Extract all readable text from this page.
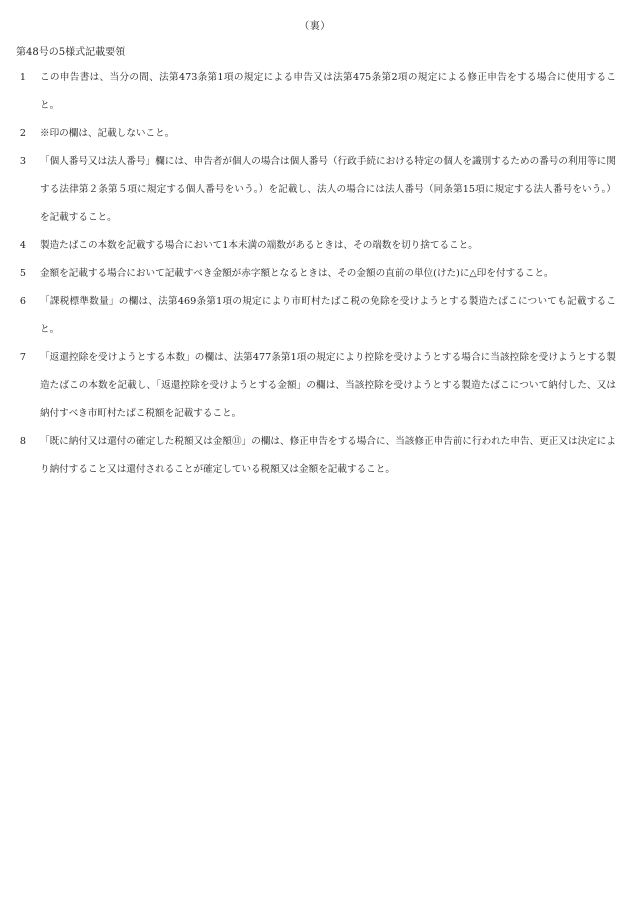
（裏）
第48号の5様式記載要領
1	この申告書は、当分の間、法第473条第1項の規定による申告又は法第475条第2項の規定による修正申告をする場合に使用すること。
2	※印の欄は、記載しないこと。
3	「個人番号又は法人番号」欄には、申告者が個人の場合は個人番号（行政手続における特定の個人を識別するための番号の利用等に関する法律第２条第５項に規定する個人番号をいう。）を記載し、法人の場合には法人番号（同条第15項に規定する法人番号をいう。）を記載すること。
4	製造たばこの本数を記載する場合において1本未満の端数があるときは、その端数を切り捨てること。
5	金額を記載する場合において記載すべき金額が赤字額となるときは、その金額の直前の単位(けた)に△印を付すること。
6	「課税標準数量」の欄は、法第469条第1項の規定により市町村たばこ税の免除を受けようとする製造たばこについても記載すること。
7	「返還控除を受けようとする本数」の欄は、法第477条第1項の規定により控除を受けようとする場合に当該控除を受けようとする製造たばこの本数を記載し、「返還控除を受けようとする金額」の欄は、当該控除を受けようとする製造たばこについて納付した、又は納付すべき市町村たばこ税額を記載すること。
8	「既に納付又は還付の確定した税額又は金額⑪」の欄は、修正申告をする場合に、当該修正申告前に行われた申告、更正又は決定により納付すること又は還付されることが確定している税額又は金額を記載すること。
